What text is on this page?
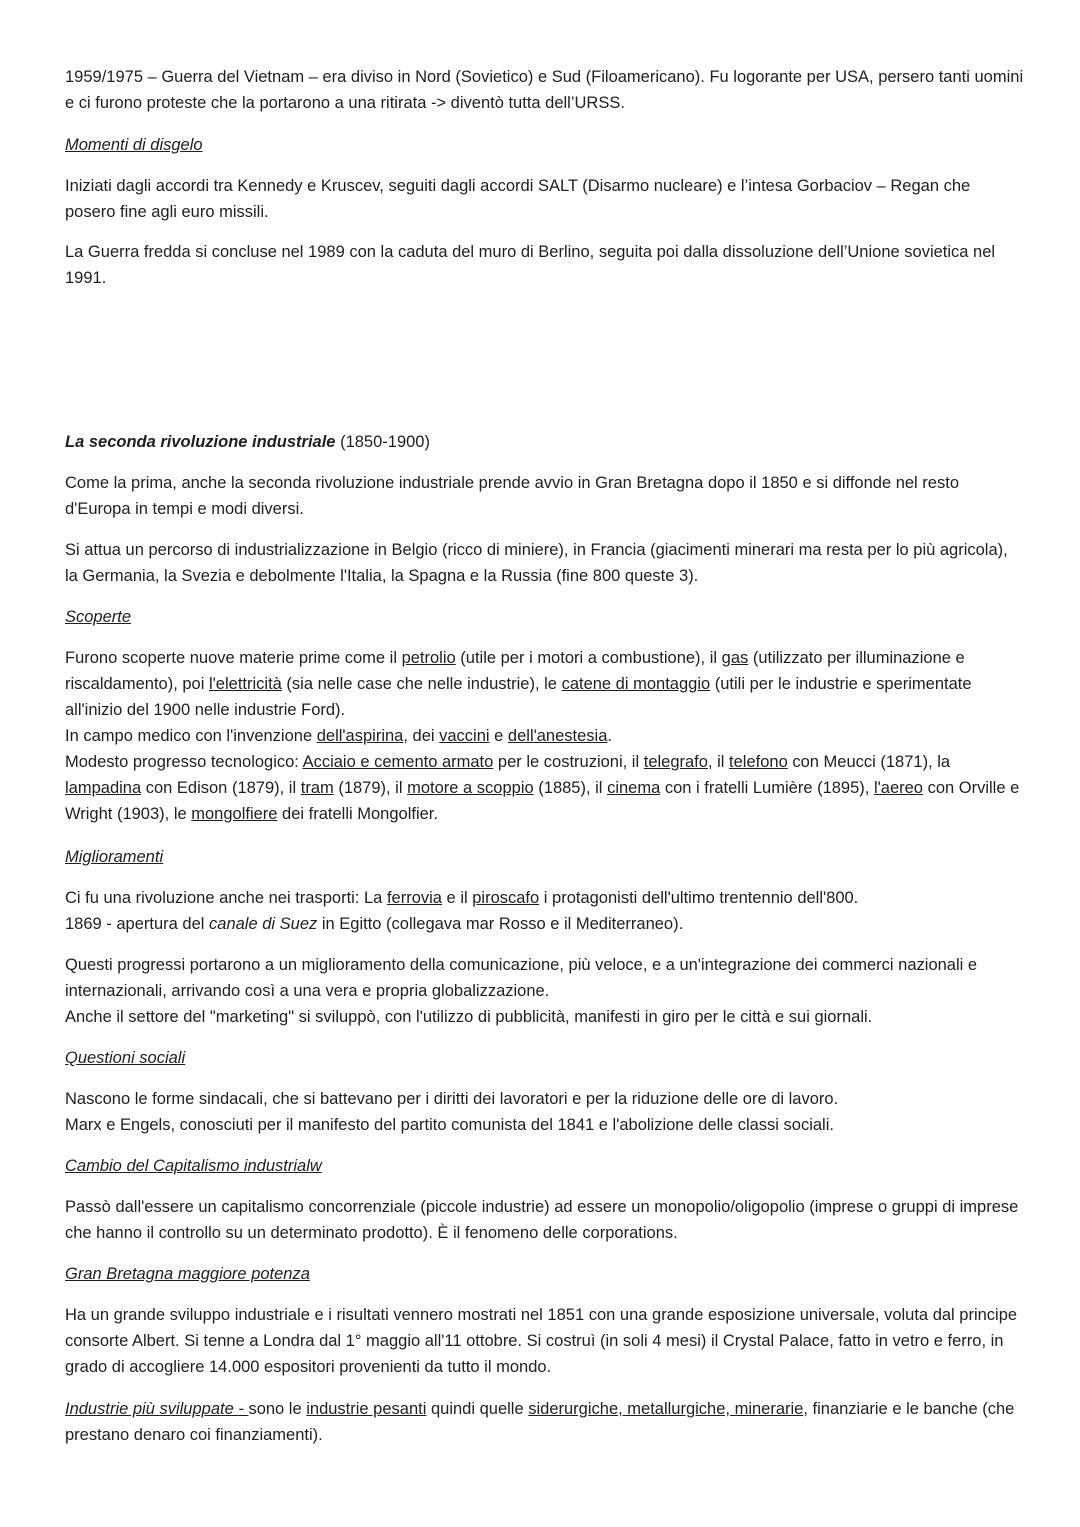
1959/1975 – Guerra del Vietnam – era diviso in Nord (Sovietico) e Sud (Filoamericano). Fu logorante per USA, persero tanti uomini e ci furono proteste che la portarono a una ritirata -> diventò tutta dell’URSS.

Momenti di disgelo

Iniziati dagli accordi tra Kennedy e Kruscev, seguiti dagli accordi SALT (Disarmo nucleare) e l’intesa Gorbaciov – Regan che posero fine agli euro missili.

La Guerra fredda si concluse nel 1989 con la caduta del muro di Berlino, seguita poi dalla dissoluzione dell’Unione sovietica nel 1991.

La seconda rivoluzione industriale (1850-1900)

Come la prima, anche la seconda rivoluzione industriale prende avvio in Gran Bretagna dopo il 1850 e si diffonde nel resto d'Europa in tempi e modi diversi.

Si attua un percorso di industrializzazione in Belgio (ricco di miniere), in Francia (giacimenti minerari ma resta per lo più agricola), la Germania, la Svezia e debolmente l'Italia, la Spagna e la Russia (fine 800 queste 3).

Scoperte

Furono scoperte nuove materie prime come il petrolio (utile per i motori a combustione), il gas (utilizzato per illuminazione e riscaldamento), poi l'elettricità (sia nelle case che nelle industrie), le catene di montaggio (utili per le industrie e sperimentate all'inizio del 1900 nelle industrie Ford).

In campo medico con l'invenzione dell'aspirina, dei vaccini e dell'anestesia.

Modesto progresso tecnologico: Acciaio e cemento armato per le costruzioni, il telegrafo, il telefono con Meucci (1871), la lampadina con Edison (1879), il tram (1879), il motore a scoppio (1885), il cinema con i fratelli Lumière (1895), l'aereo con Orville e Wright (1903), le mongolfiere dei fratelli Mongolfier.

Miglioramenti

Ci fu una rivoluzione anche nei trasporti: La ferrovia e il piroscafo i protagonisti dell'ultimo trentennio dell'800.

1869 - apertura del canale di Suez in Egitto (collegava mar Rosso e il Mediterraneo).

Questi progressi portarono a un miglioramento della comunicazione, più veloce, e a un'integrazione dei commerci nazionali e internazionali, arrivando così a una vera e propria globalizzazione.

Anche il settore del "marketing" si sviluppò, con l'utilizzo di pubblicità, manifesti in giro per le città e sui giornali.

Questioni sociali

Nascono le forme sindacali, che si battevano per i diritti dei lavoratori e per la riduzione delle ore di lavoro.

Marx e Engels, conosciuti per il manifesto del partito comunista del 1841 e l'abolizione delle classi sociali.

Cambio del Capitalismo industrialw

Passò dall'essere un capitalismo concorrenziale (piccole industrie) ad essere un monopolio/oligopolio (imprese o gruppi di imprese che hanno il controllo su un determinato prodotto). È il fenomeno delle corporations.

Gran Bretagna maggiore potenza

Ha un grande sviluppo industriale e i risultati vennero mostrati nel 1851 con una grande esposizione universale, voluta dal principe consorte Albert. Si tenne a Londra dal 1° maggio all'11 ottobre. Si costruì (in soli 4 mesi) il Crystal Palace, fatto in vetro e ferro, in grado di accogliere 14.000 espositori provenienti da tutto il mondo.

Industrie più sviluppate - sono le industrie pesanti quindi quelle siderurgiche, metallurgiche, minerarie, finanziarie e le banche (che prestano denaro coi finanziamenti).
